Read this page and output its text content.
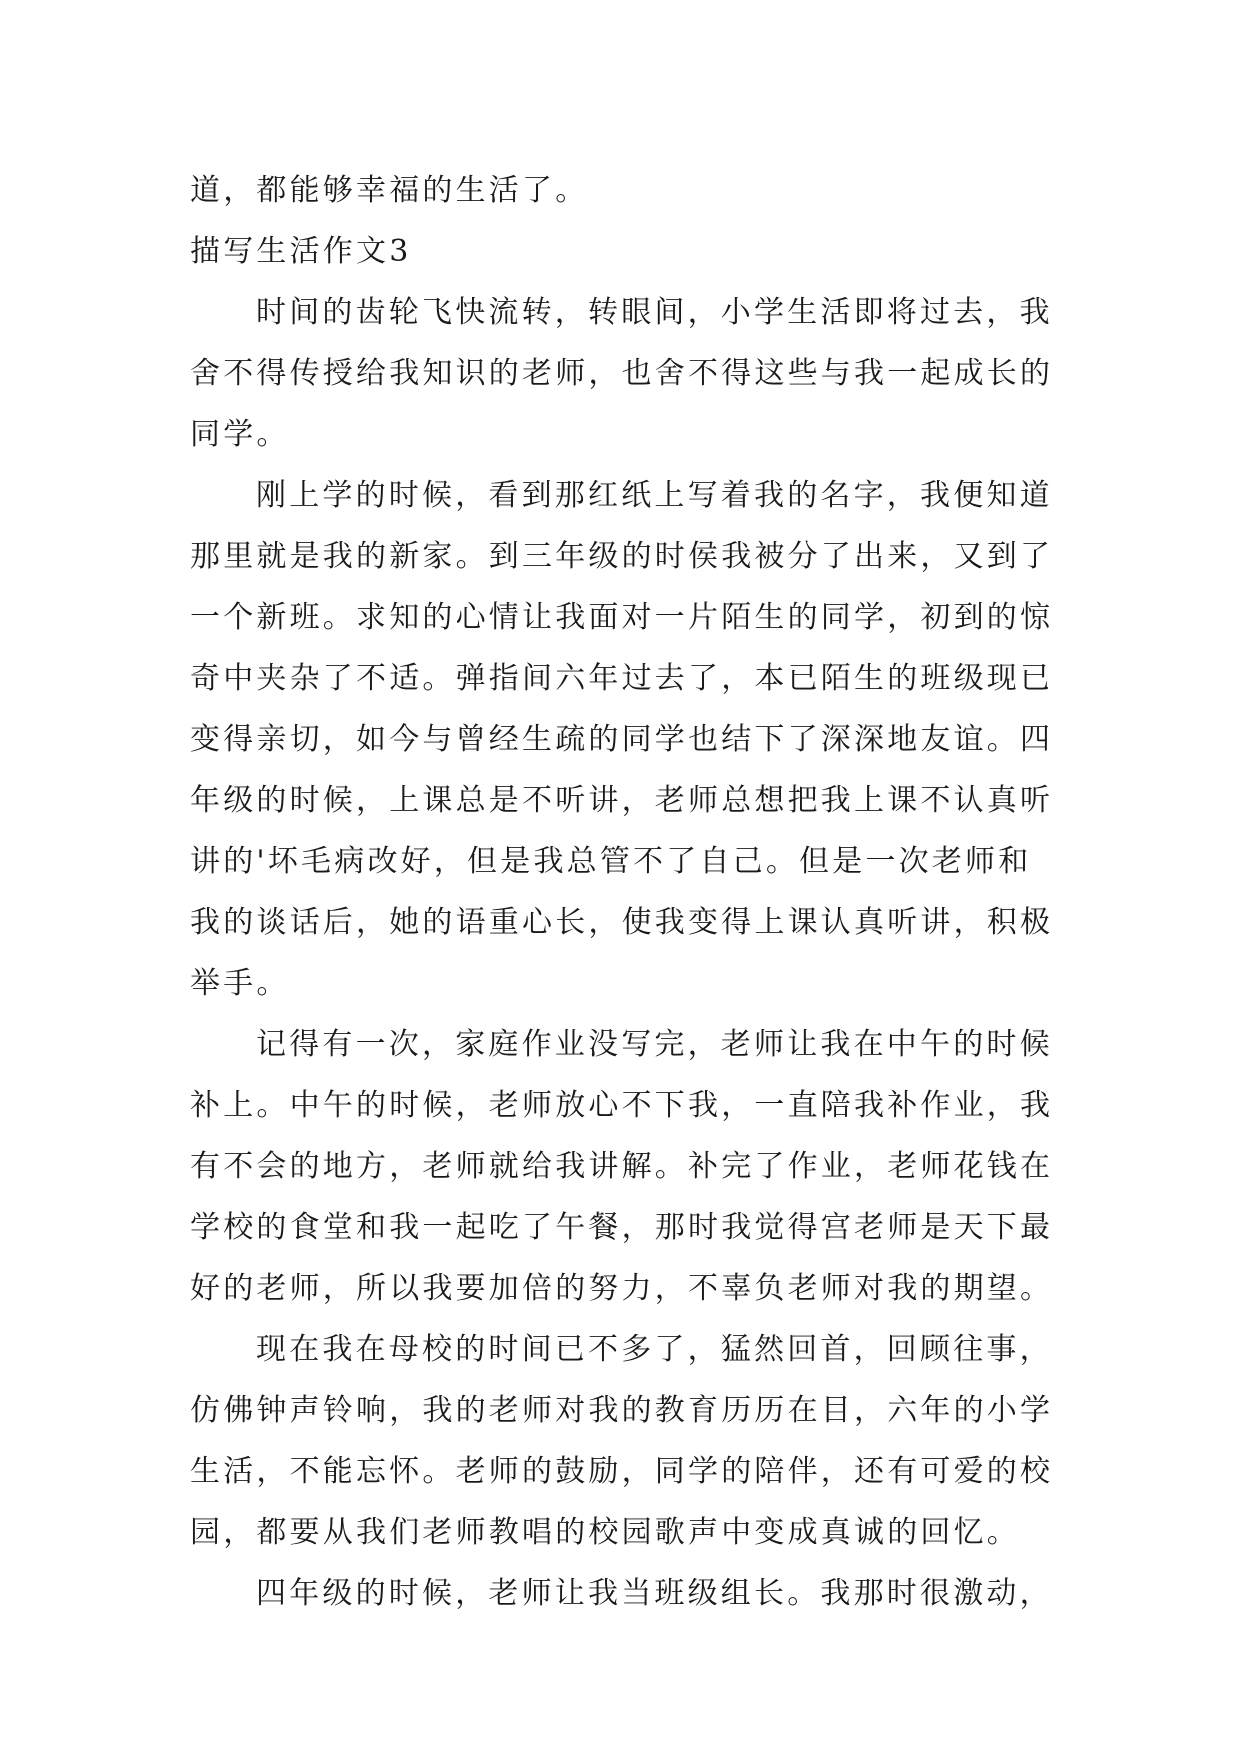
道，都能够幸福的生活了。
描写生活作文3
时间的齿轮飞快流转，转眼间，小学生活即将过去，我
舍不得传授给我知识的老师，也舍不得这些与我一起成长的
同学。
刚上学的时候，看到那红纸上写着我的名字，我便知道
那里就是我的新家。到三年级的时侯我被分了出来，又到了
一个新班。求知的心情让我面对一片陌生的同学，初到的惊
奇中夹杂了不适。弹指间六年过去了，本已陌生的班级现已
变得亲切，如今与曾经生疏的同学也结下了深深地友谊。四
年级的时候，上课总是不听讲，老师总想把我上课不认真听
讲的'坏毛病改好，但是我总管不了自己。但是一次老师和
我的谈话后，她的语重心长，使我变得上课认真听讲，积极
举手。
记得有一次，家庭作业没写完，老师让我在中午的时候
补上。中午的时候，老师放心不下我，一直陪我补作业，我
有不会的地方，老师就给我讲解。补完了作业，老师花钱在
学校的食堂和我一起吃了午餐，那时我觉得宫老师是天下最
好的老师，所以我要加倍的努力，不辜负老师对我的期望。
现在我在母校的时间已不多了，猛然回首，回顾往事，
仿佛钟声铃响，我的老师对我的教育历历在目，六年的小学
生活，不能忘怀。老师的鼓励，同学的陪伴，还有可爱的校
园，都要从我们老师教唱的校园歌声中变成真诚的回忆。
四年级的时候，老师让我当班级组长。我那时很激动，
